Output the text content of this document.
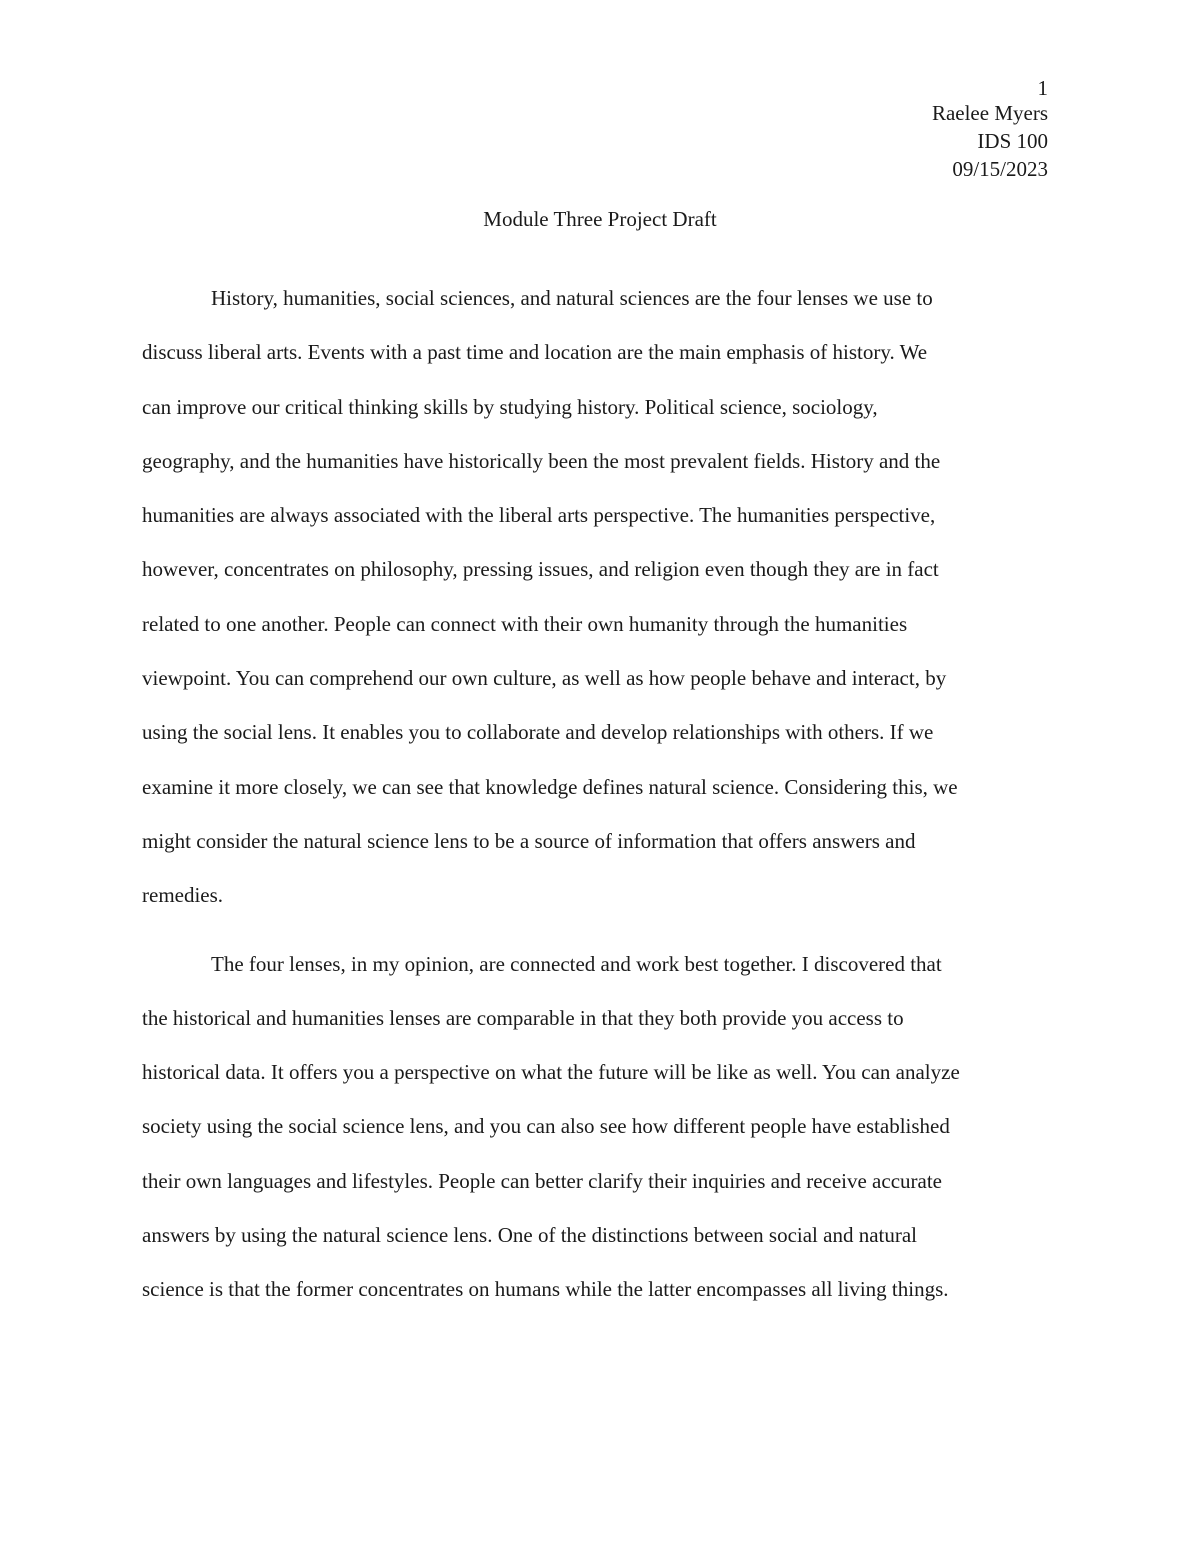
1
Raelee Myers
IDS 100
09/15/2023
Module Three Project Draft

History, humanities, social sciences, and natural sciences are the four lenses we use to
discuss liberal arts. Events with a past time and location are the main emphasis of history. We
can improve our critical thinking skills by studying history. Political science, sociology,
geography, and the humanities have historically been the most prevalent fields. History and the
humanities are always associated with the liberal arts perspective. The humanities perspective,
however, concentrates on philosophy, pressing issues, and religion even though they are in fact
related to one another. People can connect with their own humanity through the humanities
viewpoint. You can comprehend our own culture, as well as how people behave and interact, by
using the social lens. It enables you to collaborate and develop relationships with others. If we
examine it more closely, we can see that knowledge defines natural science. Considering this, we
might consider the natural science lens to be a source of information that offers answers and
remedies.

The four lenses, in my opinion, are connected and work best together. I discovered that
the historical and humanities lenses are comparable in that they both provide you access to
historical data. It offers you a perspective on what the future will be like as well. You can analyze
society using the social science lens, and you can also see how different people have established
their own languages and lifestyles. People can better clarify their inquiries and receive accurate
answers by using the natural science lens. One of the distinctions between social and natural
science is that the former concentrates on humans while the latter encompasses all living things.
